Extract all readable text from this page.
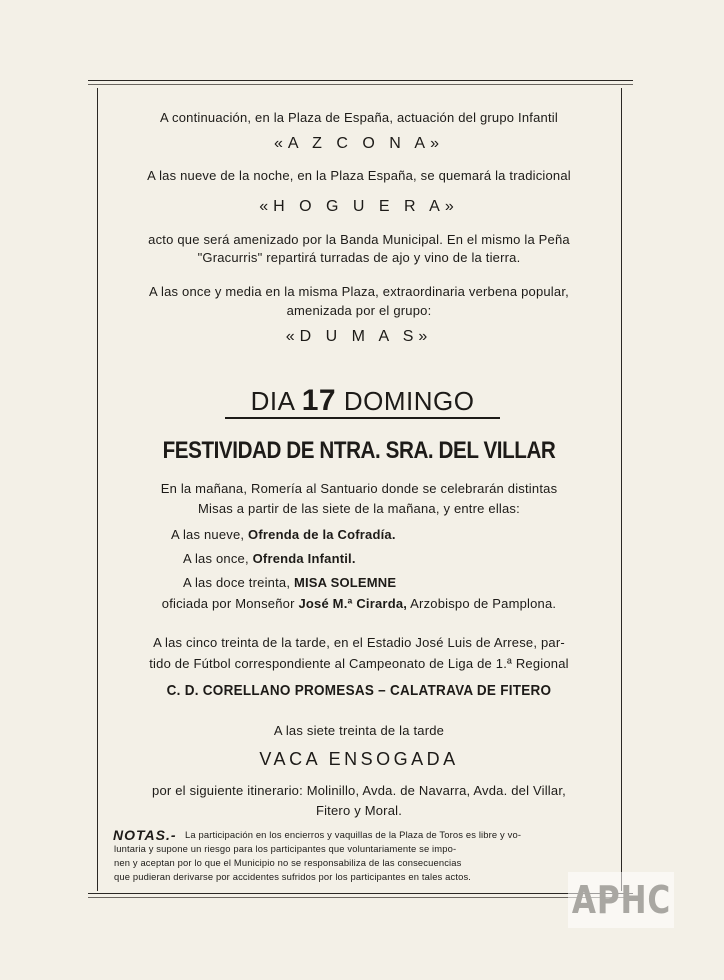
A continuación, en la Plaza de España, actuación del grupo Infantil
«A Z C O N A»
A las nueve de la noche, en la Plaza España, se quemará la tradicional
«H O G U E R A»
acto que será amenizado por la Banda Municipal. En el mismo la Peña
"Gracurris" repartirá turradas de ajo y vino de la tierra.
A las once y media en la misma Plaza, extraordinaria verbena popular,
amenizada por el grupo:
«D U M A S»
DIA 17 DOMINGO
FESTIVIDAD DE NTRA. SRA. DEL VILLAR
En la mañana, Romería al Santuario donde se celebrarán distintas
Misas a partir de las siete de la mañana, y entre ellas:
A las nueve, Ofrenda de la Cofradía.
A las once, Ofrenda Infantil.
A las doce treinta, MISA SOLEMNE
oficiada por Monseñor José M.ª Cirarda, Arzobispo de Pamplona.
A las cinco treinta de la tarde, en el Estadio José Luis de Arrese, par-
tido de Fútbol correspondiente al Campeonato de Liga de 1.ª Regional
C. D. CORELLANO PROMESAS – CALATRAVA DE FITERO
A las siete treinta de la tarde
VACA ENSOGADA
por el siguiente itinerario: Molinillo, Avda. de Navarra, Avda. del Villar,
Fitero y Moral.
NOTAS.- La participación en los encierros y vaquillas de la Plaza de Toros es libre y vo-
luntaria y supone un riesgo para los participantes que voluntariamente se impo-
nen y aceptan por lo que el Municipio no se responsabiliza de las consecuencias
que pudieran derivarse por accidentes sufridos por los participantes en tales actos.
APHC
